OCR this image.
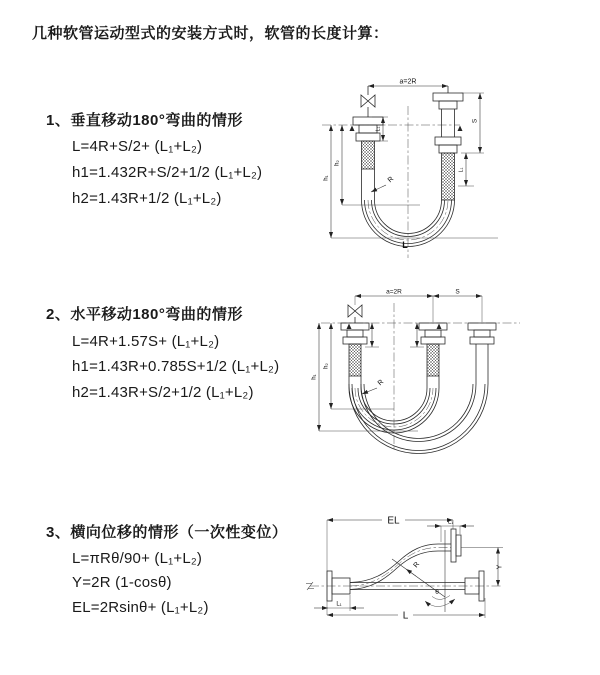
几种软管运动型式的安装方式时，软管的长度计算：
1、垂直移动180°弯曲的情形
L=4R+S/2+ (L₁+L₂)
h1=1.432R+S/2+1/2 (L₁+L₂)
h2=1.43R+1/2 (L₁+L₂)
2、水平移动180°弯曲的情形
L=4R+1.57S+ (L₁+L₂)
h1=1.43R+0.785S+1/2 (L₁+L₂)
h2=1.43R+S/2+1/2 (L₁+L₂)
3、横向位移的情形（一次性变位）
L=πRθ/90+ (L₁+L₂)
Y=2R (1-cosθ)
EL=2Rsinθ+ (L₁+L₂)
a=2R
h₁
h₂
L₁
S
L₁
R
L
a=2R	S
h₁
h₂
R
EL	L₁
R
θ
Y
L
L₁
